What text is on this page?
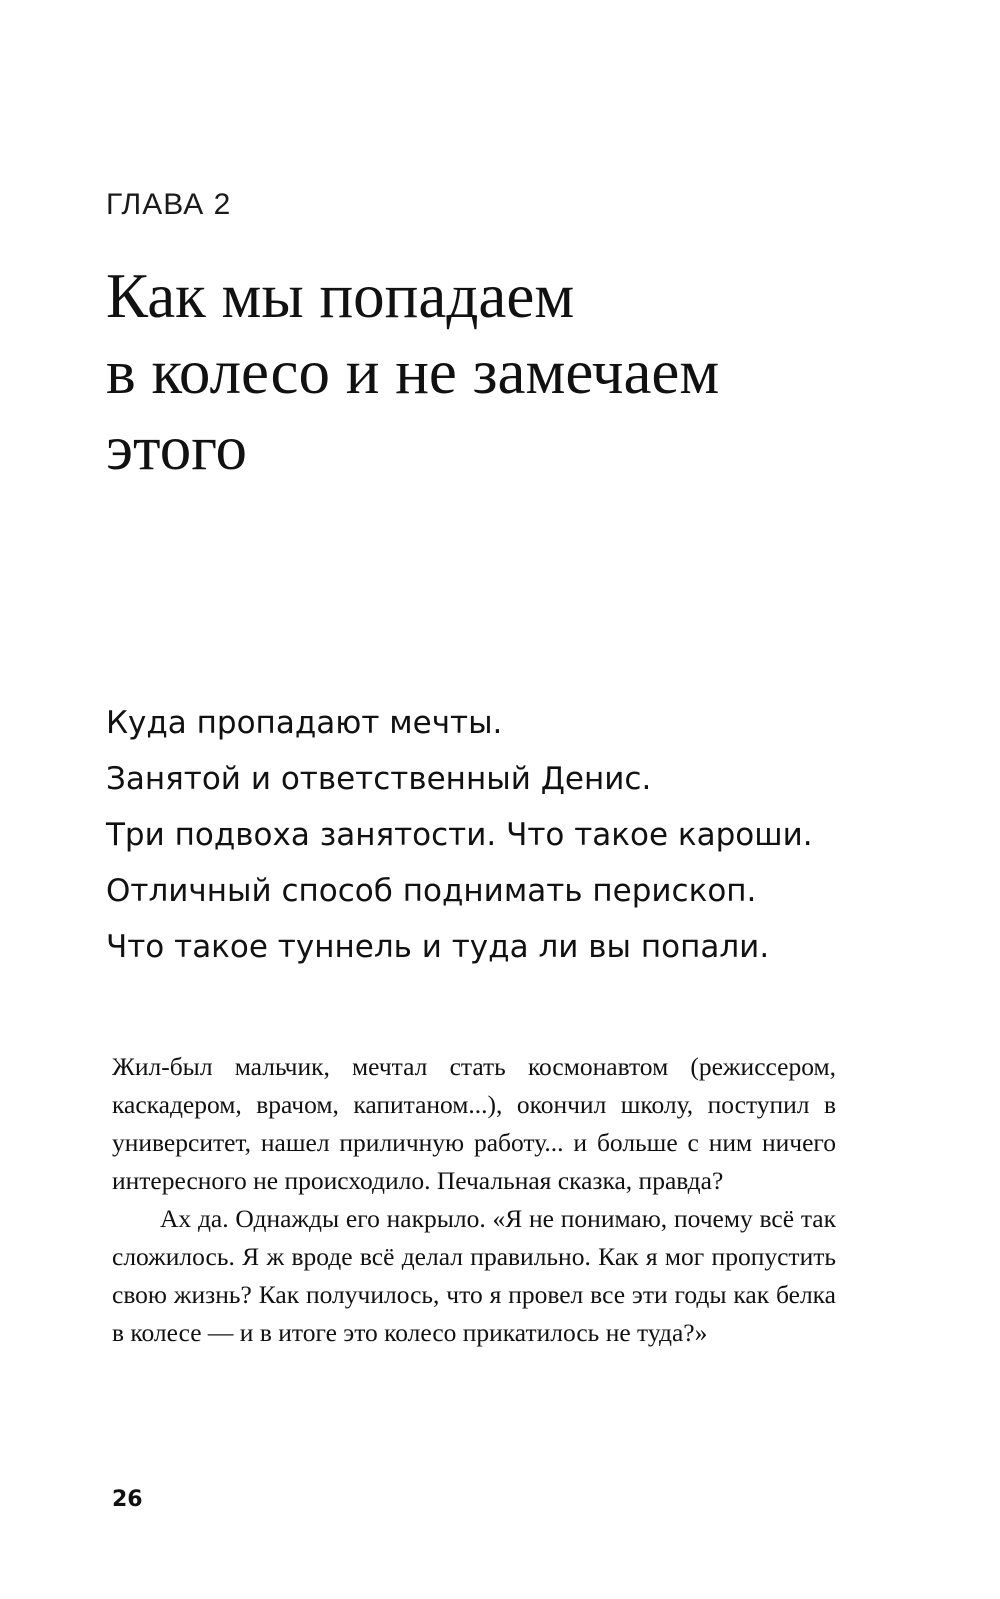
ГЛАВА 2
Как мы попадаем
в колесо и не замечаем
этого
Куда пропадают мечты.
Занятой и ответственный Денис.
Три подвоха занятости. Что такое кароши.
Отличный способ поднимать перископ.
Что такое туннель и туда ли вы попали.

Жил-был мальчик, мечтал стать космонавтом (режиссером, каскадером, врачом, капитаном...), окончил школу, поступил в университет, нашел приличную работу... и больше с ним ничего интересного не происходило. Печальная сказка, правда?

Ах да. Однажды его накрыло. «Я не понимаю, почему всё так сложилось. Я ж вроде всё делал правильно. Как я мог пропустить свою жизнь? Как получилось, что я провел все эти годы как белка в колесе — и в итоге это колесо прикатилось не туда?»

26
